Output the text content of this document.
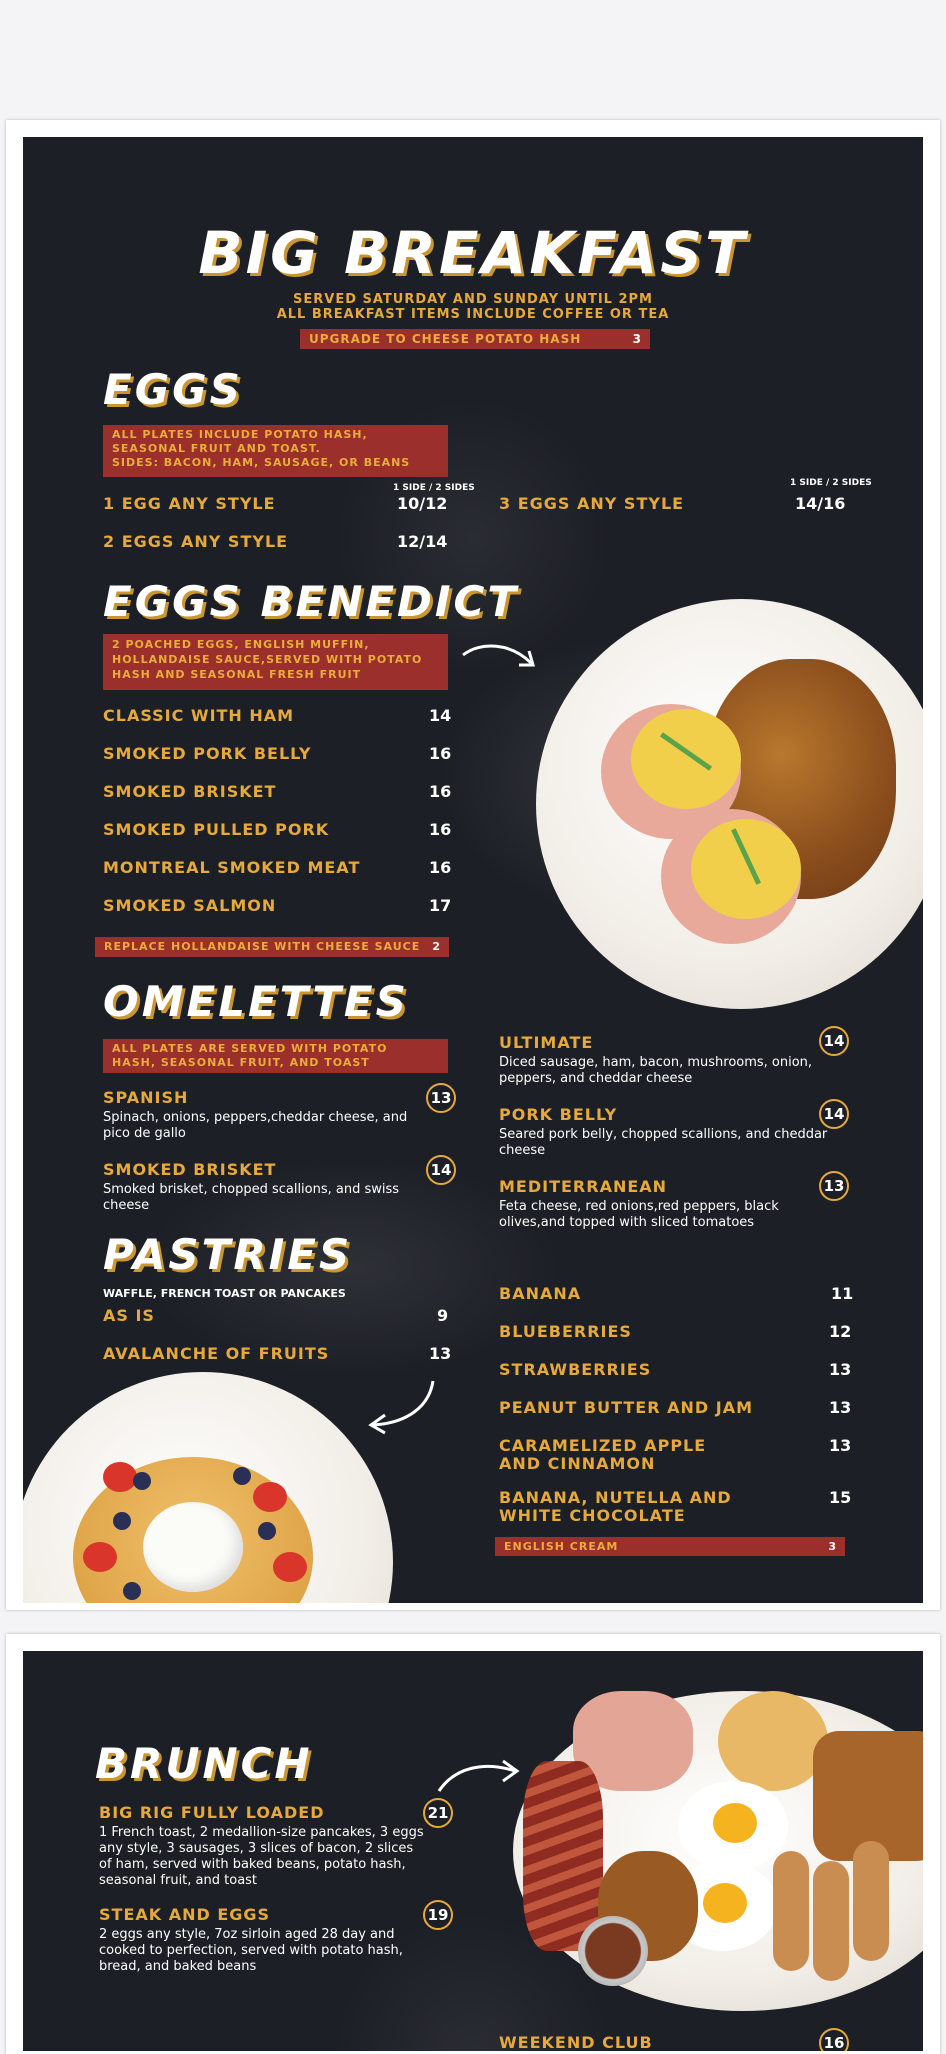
BIG BREAKFAST
SERVED SATURDAY AND SUNDAY UNTIL 2PM
ALL BREAKFAST ITEMS INCLUDE COFFEE OR TEA
UPGRADE TO CHEESE POTATO HASH	3
EGGS
ALL PLATES INCLUDE POTATO HASH,
SEASONAL FRUIT AND TOAST.
SIDES: BACON, HAM, SAUSAGE, OR BEANS
1 SIDE / 2 SIDES	1 SIDE / 2 SIDES
1 EGG ANY STYLE	10/12
2 EGGS ANY STYLE	12/14
3 EGGS ANY STYLE	14/16
EGGS BENEDICT
2 POACHED EGGS, ENGLISH MUFFIN,
HOLLANDAISE SAUCE,SERVED WITH POTATO
HASH AND SEASONAL FRESH FRUIT
CLASSIC WITH HAM	14
SMOKED PORK BELLY	16
SMOKED BRISKET	16
SMOKED PULLED PORK	16
MONTREAL SMOKED MEAT	16
SMOKED SALMON	17
REPLACE HOLLANDAISE WITH CHEESE SAUCE 2
OMELETTES
ALL PLATES ARE SERVED WITH POTATO
HASH, SEASONAL FRUIT, AND TOAST
SPANISH	13
Spinach, onions, peppers,cheddar cheese, and
pico de gallo
SMOKED BRISKET	14
Smoked brisket, chopped scallions, and swiss
cheese
ULTIMATE	14
Diced sausage, ham, bacon, mushrooms, onion,
peppers, and cheddar cheese
PORK BELLY	14
Seared pork belly, chopped scallions, and cheddar
cheese
MEDITERRANEAN	13
Feta cheese, red onions,red peppers, black
olives,and topped with sliced tomatoes
PASTRIES
WAFFLE, FRENCH TOAST OR PANCAKES
AS IS	9
AVALANCHE OF FRUITS	13
BANANA	11
BLUEBERRIES	12
STRAWBERRIES	13
PEANUT BUTTER AND JAM	13
CARAMELIZED APPLE
AND CINNAMON
13
BANANA, NUTELLA AND
WHITE CHOCOLATE
15
ENGLISH CREAM	3
BRUNCH
BIG RIG FULLY LOADED	21
1 French toast, 2 medallion-size pancakes, 3 eggs
any style, 3 sausages, 3 slices of bacon, 2 slices
of ham, served with baked beans, potato hash,
seasonal fruit, and toast
STEAK AND EGGS	19
2 eggs any style, 7oz sirloin aged 28 day and
cooked to perfection, served with potato hash,
bread, and baked beans
WEEKEND CLUB	16
